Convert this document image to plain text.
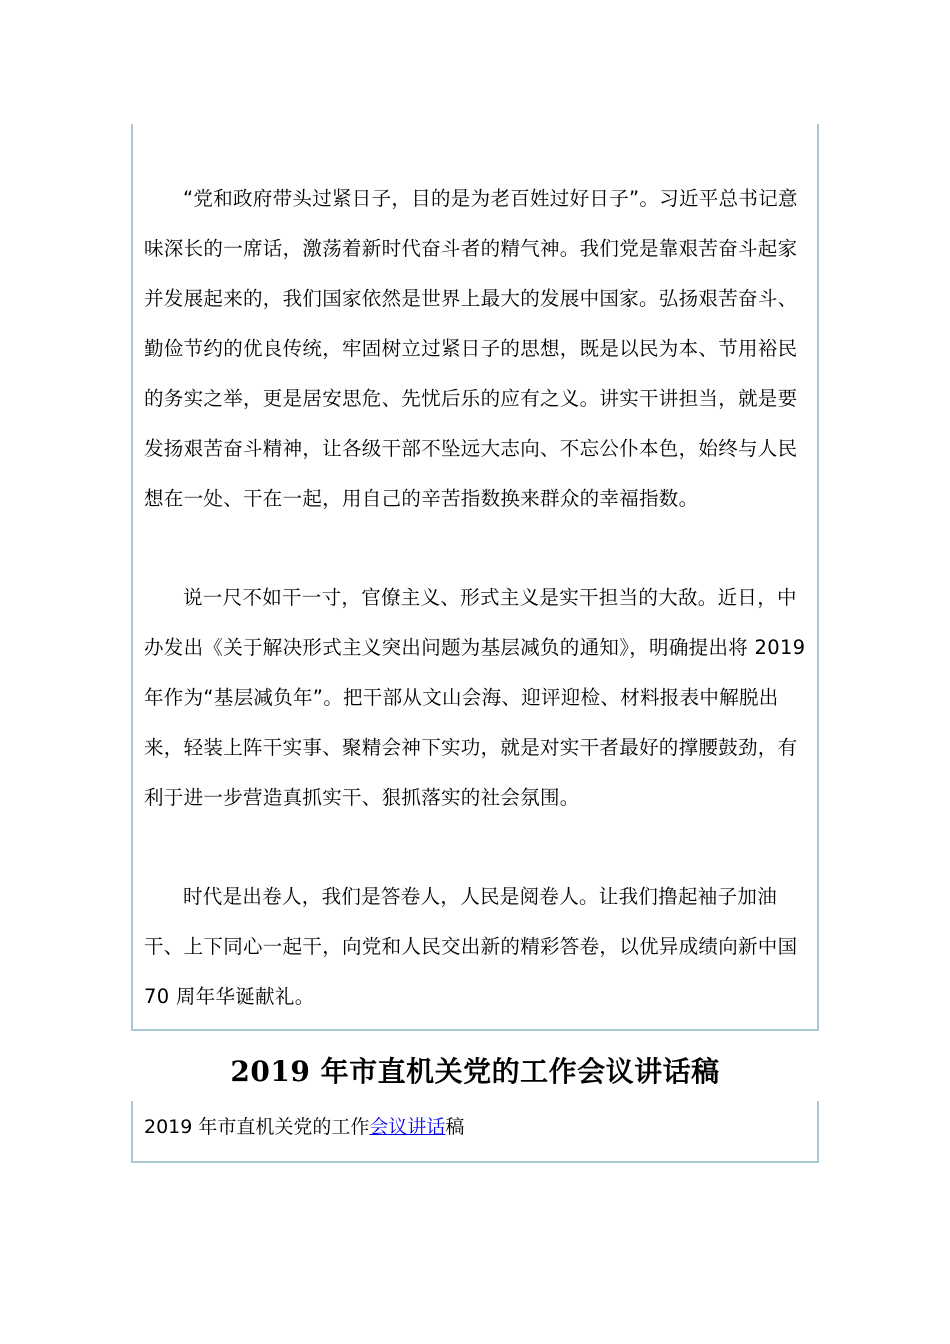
“党和政府带头过紧日子，目的是为老百姓过好日子”。习近平总书记意味深长的一席话，激荡着新时代奋斗者的精气神。我们党是靠艰苦奋斗起家并发展起来的，我们国家依然是世界上最大的发展中国家。弘扬艰苦奋斗、勤俭节约的优良传统，牢固树立过紧日子的思想，既是以民为本、节用裕民的务实之举，更是居安思危、先忧后乐的应有之义。讲实干讲担当，就是要发扬艰苦奋斗精神，让各级干部不坠远大志向、不忘公仆本色，始终与人民想在一处、干在一起，用自己的辛苦指数换来群众的幸福指数。

说一尺不如干一寸，官僚主义、形式主义是实干担当的大敌。近日，中办发出《关于解决形式主义突出问题为基层减负的通知》，明确提出将 2019 年作为“基层减负年”。把干部从文山会海、迎评迎检、材料报表中解脱出来，轻装上阵干实事、聚精会神下实功，就是对实干者最好的撑腰鼓劲，有利于进一步营造真抓实干、狠抓落实的社会氛围。

时代是出卷人，我们是答卷人，人民是阅卷人。让我们撸起袖子加油干、上下同心一起干，向党和人民交出新的精彩答卷，以优异成绩向新中国 70 周年华诞献礼。

2019 年市直机关党的工作会议讲话稿
2019 年市直机关党的工作会议讲话稿
